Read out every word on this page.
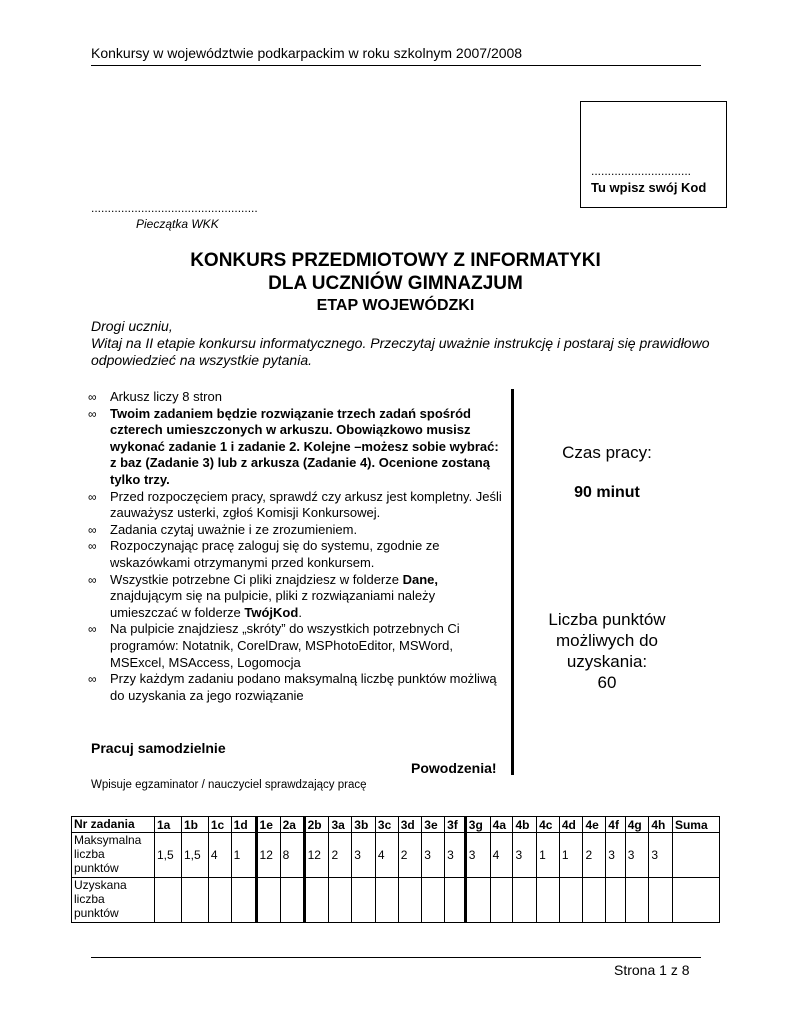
Konkursy w województwie podkarpackim w roku szkolnym 2007/2008
..............................
Tu wpisz swój Kod
..................................................
Pieczątka WKK
KONKURS PRZEDMIOTOWY Z INFORMATYKI
DLA UCZNIÓW GIMNAZJUM
ETAP WOJEWÓDZKI
Drogi uczniu,
Witaj na II etapie konkursu informatycznego. Przeczytaj uważnie instrukcję i postaraj się prawidłowo odpowiedzieć na wszystkie pytania.
∞ Arkusz liczy 8 stron
∞ Twoim zadaniem będzie rozwiązanie trzech zadań spośród czterech umieszczonych w arkuszu. Obowiązkowo musisz wykonać zadanie 1 i zadanie 2. Kolejne –możesz sobie wybrać: z baz (Zadanie 3) lub z arkusza (Zadanie 4). Ocenione zostaną tylko trzy.
∞ Przed rozpoczęciem pracy, sprawdź czy arkusz jest kompletny. Jeśli zauważysz usterki, zgłoś Komisji Konkursowej.
∞ Zadania czytaj uważnie i ze zrozumieniem.
∞ Rozpoczynając pracę zaloguj się do systemu, zgodnie ze wskazówkami otrzymanymi przed konkursem.
∞ Wszystkie potrzebne Ci pliki znajdziesz w folderze Dane, znajdującym się na pulpicie, pliki z rozwiązaniami należy umieszczać w folderze TwójKod.
∞ Na pulpicie znajdziesz „skróty” do wszystkich potrzebnych Ci programów: Notatnik, CorelDraw, MSPhotoEditor, MSWord, MSExcel, MSAccess, Logomocja
∞ Przy każdym zadaniu podano maksymalną liczbę punktów możliwą do uzyskania za jego rozwiązanie
Czas pracy:
90 minut
Liczba punktów
możliwych do
uzyskania:
60
Pracuj samodzielnie
Powodzenia!
Wpisuje egzaminator / nauczyciel sprawdzający pracę
Nr zadania	1a	1b	1c	1d	1e	2a	2b	3a	3b	3c	3d	3e	3f	3g	4a	4b	4c	4d	4e	4f	4g	4h	Suma
Maksymalna liczba punktów	1,5	1,5	4	1	12	8	12	2	3	4	2	3	3	3	4	3	1	1	2	3	3	3	
Uzyskana liczba punktów																							
Strona 1 z 8
